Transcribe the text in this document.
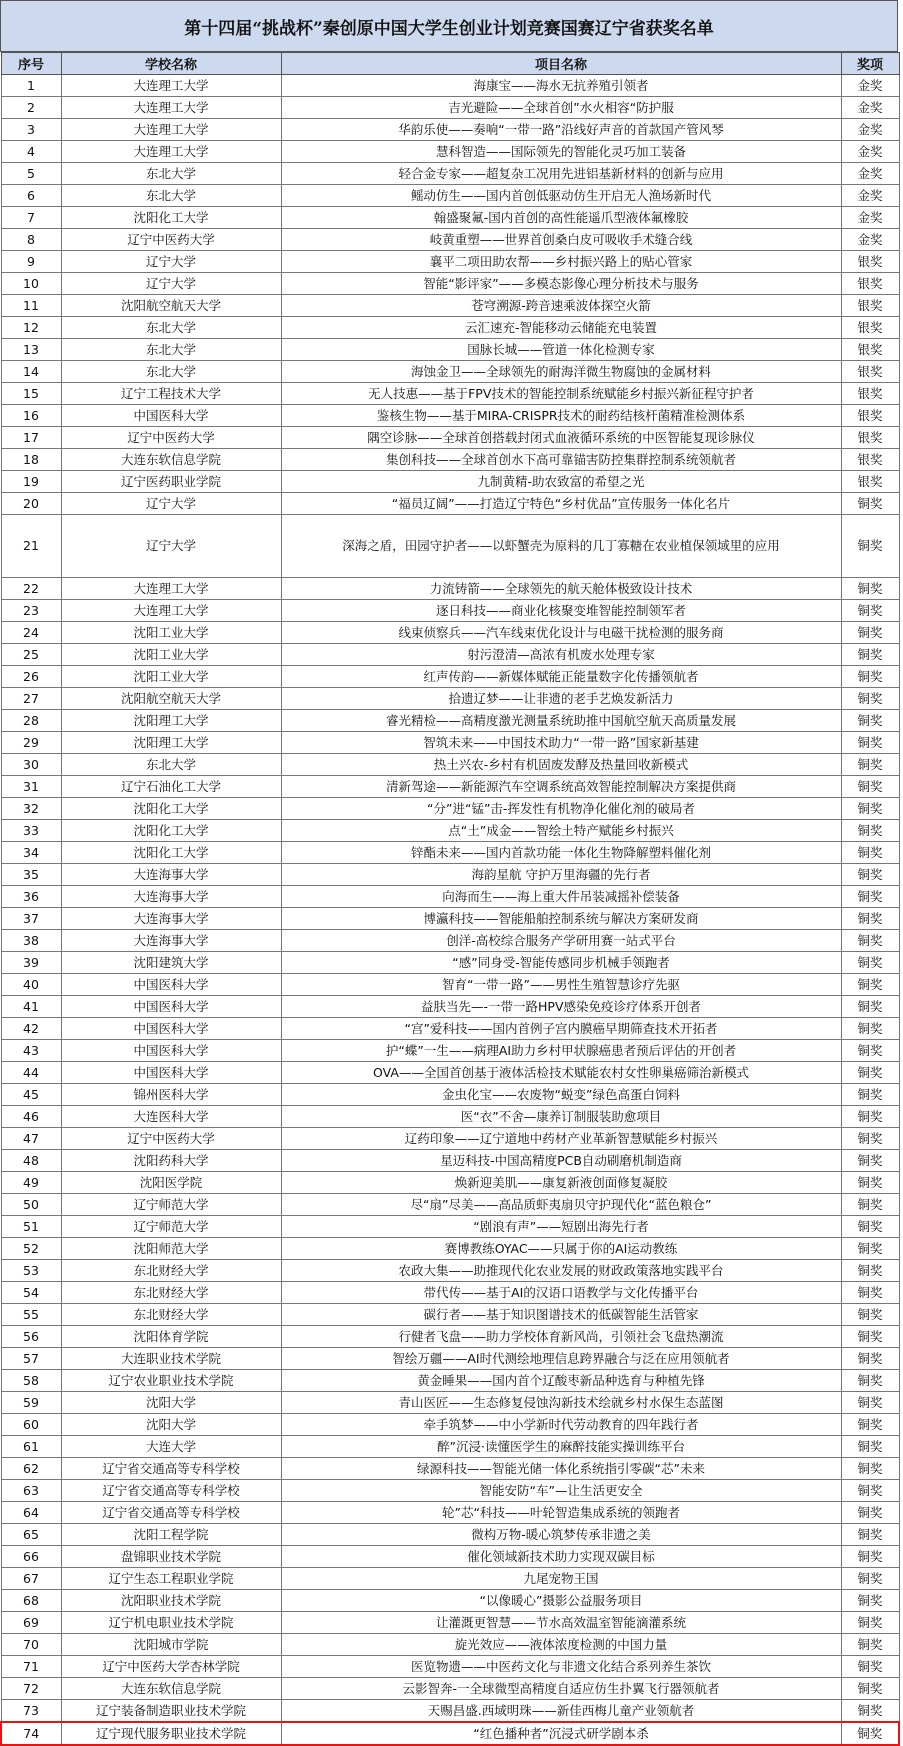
第十四届“挑战杯”秦创原中国大学生创业计划竞赛国赛辽宁省获奖名单
序号	学校名称	项目名称	奖项
1	大连理工大学	海康宝——海水无抗养殖引领者	金奖
2	大连理工大学	吉光避险——全球首创”水火相容“防护服	金奖
3	大连理工大学	华韵乐使——奏响“一带一路”沿线好声音的首款国产管风琴	金奖
4	大连理工大学	慧科智造——国际领先的智能化灵巧加工装备	金奖
5	东北大学	轻合金专家——超复杂工况用先进铝基新材料的创新与应用	金奖
6	东北大学	鳐动仿生——国内首创低驱动仿生开启无人渔场新时代	金奖
7	沈阳化工大学	翰盛聚氟-国内首创的高性能遥爪型液体氟橡胶	金奖
8	辽宁中医药大学	岐黄重塑——世界首创桑白皮可吸收手术缝合线	金奖
9	辽宁大学	襄平二项田助农帮——乡村振兴路上的贴心管家	银奖
10	辽宁大学	智能“影评家”——多模态影像心理分析技术与服务	银奖
11	沈阳航空航天大学	苍穹溯源-跨音速乘波体探空火箭	银奖
12	东北大学	云汇速充-智能移动云储能充电装置	银奖
13	东北大学	国脉长城——管道一体化检测专家	银奖
14	东北大学	海蚀金卫——全球领先的耐海洋微生物腐蚀的金属材料	银奖
15	辽宁工程技术大学	无人技惠——基于FPV技术的智能控制系统赋能乡村振兴新征程守护者	银奖
16	中国医科大学	鉴核生物——基于MIRA-CRISPR技术的耐药结核杆菌精准检测体系	银奖
17	辽宁中医药大学	隅空诊脉——全球首创搭载封闭式血液循环系统的中医智能复现诊脉仪	银奖
18	大连东软信息学院	集创科技——全球首创水下高可靠锚害防控集群控制系统领航者	银奖
19	辽宁医药职业学院	九制黄精-助农致富的希望之光	银奖
20	辽宁大学	“福员辽阔”——打造辽宁特色“乡村优品”宣传服务一体化名片	铜奖
21	辽宁大学	深海之盾，田园守护者——以虾蟹壳为原料的几丁寡糖在农业植保领域里的应用	铜奖
22	大连理工大学	力流铸箭——全球领先的航天舱体极致设计技术	铜奖
23	大连理工大学	逐日科技——商业化核聚变堆智能控制领军者	铜奖
24	沈阳工业大学	线束侦察兵——汽车线束优化设计与电磁干扰检测的服务商	铜奖
25	沈阳工业大学	射污澄清—高浓有机废水处理专家	铜奖
26	沈阳工业大学	红声传韵——新媒体赋能正能量数字化传播领航者	铜奖
27	沈阳航空航天大学	拾遗辽梦——让非遗的老手艺焕发新活力	铜奖
28	沈阳理工大学	睿光精检——高精度激光测量系统助推中国航空航天高质量发展	铜奖
29	沈阳理工大学	智筑未来——中国技术助力“一带一路”国家新基建	铜奖
30	东北大学	热土兴农-乡村有机固废发酵及热量回收新模式	铜奖
31	辽宁石油化工大学	清新驾途——新能源汽车空调系统高效智能控制解决方案提供商	铜奖
32	沈阳化工大学	“分”进“锰”击-挥发性有机物净化催化剂的破局者	铜奖
33	沈阳化工大学	点“土”成金——智绘土特产赋能乡村振兴	铜奖
34	沈阳化工大学	锌酯未来——国内首款功能一体化生物降解塑料催化剂	铜奖
35	大连海事大学	海韵星航 守护万里海疆的先行者	铜奖
36	大连海事大学	向海而生——海上重大件吊装减摇补偿装备	铜奖
37	大连海事大学	博瀛科技——智能船舶控制系统与解决方案研发商	铜奖
38	大连海事大学	创洋-高校综合服务产学研用赛一站式平台	铜奖
39	沈阳建筑大学	“感”同身受-智能传感同步机械手领跑者	铜奖
40	中国医科大学	智育“一带一路”——男性生殖智慧诊疗先驱	铜奖
41	中国医科大学	益肤当先—-一带一路HPV感染免疫诊疗体系开创者	铜奖
42	中国医科大学	“宫”爱科技——国内首例子宫内膜癌早期筛查技术开拓者	铜奖
43	中国医科大学	护“蝶”一生——病理AI助力乡村甲状腺癌患者预后评估的开创者	铜奖
44	中国医科大学	OVA——全国首创基于液体活检技术赋能农村女性卵巢癌筛治新模式	铜奖
45	锦州医科大学	金虫化宝——农废物“蜕变”绿色高蛋白饲料	铜奖
46	大连医科大学	医“衣”不舍—康养订制服装助愈项目	铜奖
47	辽宁中医药大学	辽药印象——辽宁道地中药材产业革新智慧赋能乡村振兴	铜奖
48	沈阳药科大学	星迈科技-中国高精度PCB自动刷磨机制造商	铜奖
49	沈阳医学院	焕新迎美肌——康复新液创面修复凝胶	铜奖
50	辽宁师范大学	尽“扇”尽美——高品质虾夷扇贝守护现代化“蓝色粮仓”	铜奖
51	辽宁师范大学	“剧浪有声”——短剧出海先行者	铜奖
52	沈阳师范大学	赛博教练OYAC——只属于你的AI运动教练	铜奖
53	东北财经大学	农政大集——助推现代化农业发展的财政政策落地实践平台	铜奖
54	东北财经大学	带代传——基于AI的汉语口语教学与文化传播平台	铜奖
55	东北财经大学	碳行者——基于知识图谱技术的低碳智能生活管家	铜奖
56	沈阳体育学院	行健者飞盘——助力学校体育新风尚，引领社会飞盘热潮流	铜奖
57	大连职业技术学院	智绘万疆——AI时代测绘地理信息跨界融合与泛在应用领航者	铜奖
58	辽宁农业职业技术学院	黄金睡果——国内首个辽酸枣新品种选育与种植先锋	铜奖
59	沈阳大学	青山医匠——生态修复侵蚀沟新技术绘就乡村水保生态蓝图	铜奖
60	沈阳大学	牵手筑梦——中小学新时代劳动教育的四年践行者	铜奖
61	大连大学	醉”沉浸·读懂医学生的麻醉技能实操训练平台	铜奖
62	辽宁省交通高等专科学校	绿源科技——智能光储一体化系统指引零碳“芯”未来	铜奖
63	辽宁省交通高等专科学校	智能安防“车”—让生活更安全	铜奖
64	辽宁省交通高等专科学校	轮”芯“科技——叶轮智造集成系统的领跑者	铜奖
65	沈阳工程学院	微构万物-暖心筑梦传承非遗之美	铜奖
66	盘锦职业技术学院	催化领域新技术助力实现双碳目标	铜奖
67	辽宁生态工程职业学院	九尾宠物王国	铜奖
68	沈阳职业技术学院	“以像暖心”摄影公益服务项目	铜奖
69	辽宁机电职业技术学院	让灌溉更智慧——节水高效温室智能滴灌系统	铜奖
70	沈阳城市学院	旋光效应——液体浓度检测的中国力量	铜奖
71	辽宁中医药大学杏林学院	医览物遗——中医药文化与非遗文化结合系列养生茶饮	铜奖
72	大连东软信息学院	云影智奔-一全球微型高精度自适应仿生扑翼飞行器领航者	铜奖
73	辽宁装备制造职业技术学院	天赐昌盛.西域明珠——新佳西梅儿童产业领航者	铜奖
74	辽宁现代服务职业技术学院	“红色播种者”沉浸式研学剧本杀	铜奖
